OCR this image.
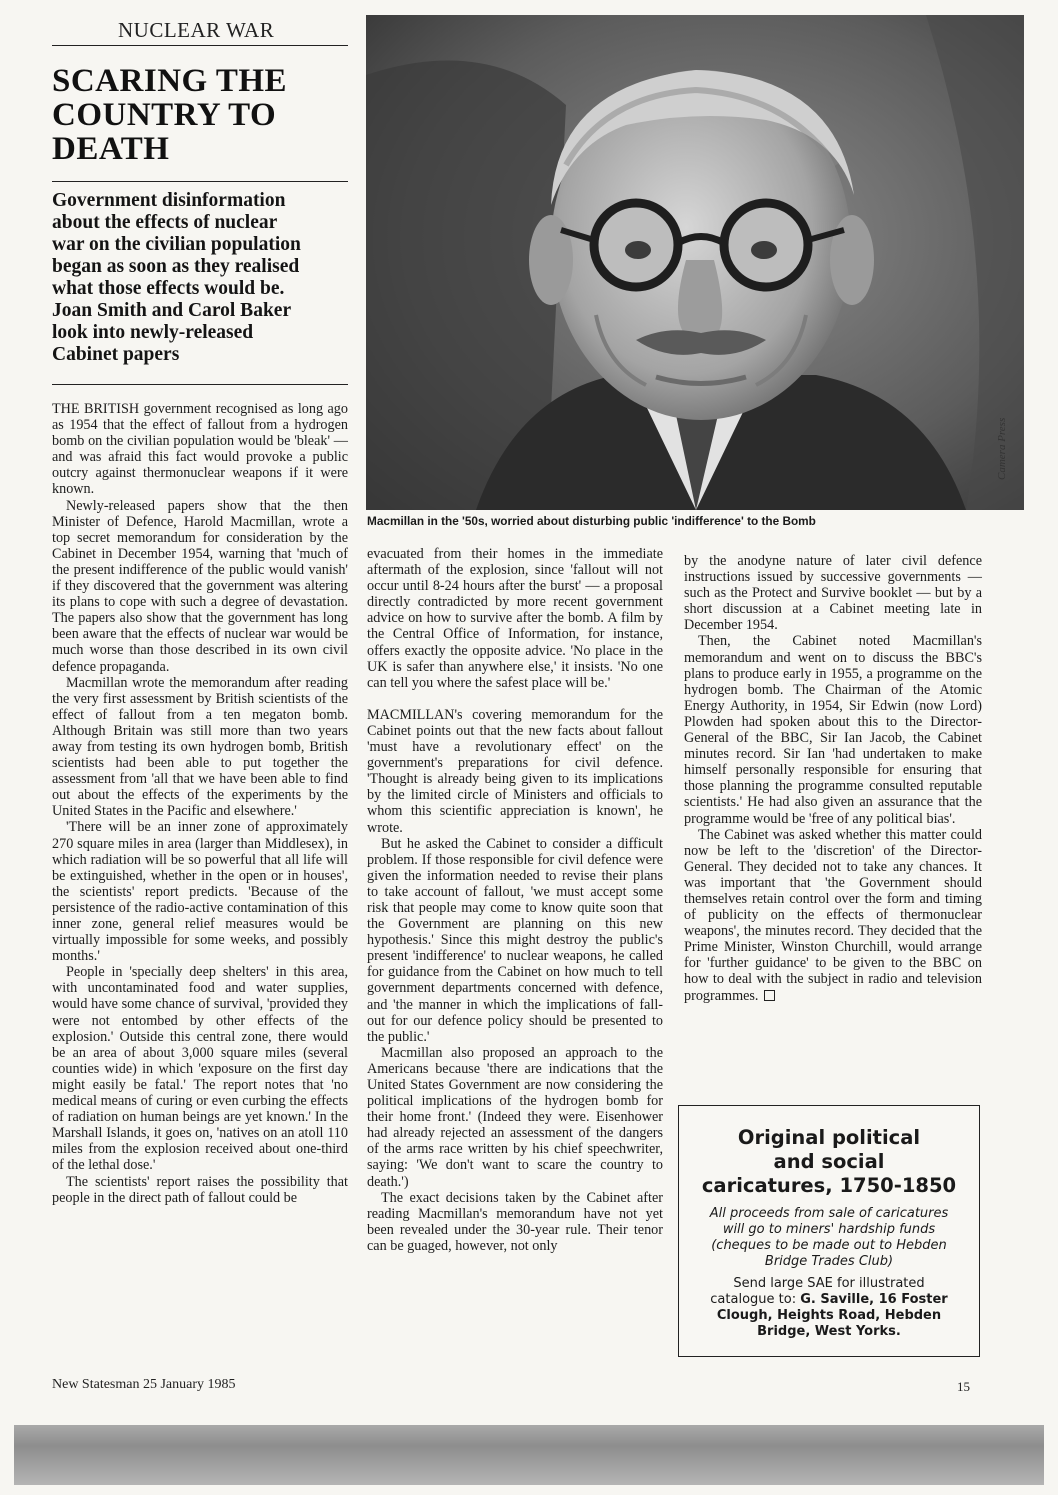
NUCLEAR WAR
SCARING THE
COUNTRY TO
DEATH
Government disinformation
about the effects of nuclear
war on the civilian population
began as soon as they realised
what those effects would be.
Joan Smith and Carol Baker
look into newly-released
Cabinet papers
Camera Press
Macmillan in the '50s, worried about disturbing public 'indifference' to the Bomb

THE BRITISH government recognised as long ago as 1954 that the effect of fallout from a hydrogen bomb on the civilian population would be 'bleak' — and was afraid this fact would provoke a public outcry against thermonuclear weapons if it were known.

Newly-released papers show that the then Minister of Defence, Harold Macmillan, wrote a top secret memorandum for consideration by the Cabinet in December 1954, warning that 'much of the present indifference of the public would vanish' if they discovered that the government was altering its plans to cope with such a degree of devastation. The papers also show that the government has long been aware that the effects of nuclear war would be much worse than those described in its own civil defence propaganda.

Macmillan wrote the memorandum after reading the very first assessment by British scientists of the effect of fallout from a ten megaton bomb. Although Britain was still more than two years away from testing its own hydrogen bomb, British scientists had been able to put together the assessment from 'all that we have been able to find out about the effects of the experiments by the United States in the Pacific and elsewhere.'

'There will be an inner zone of approximately 270 square miles in area (larger than Middlesex), in which radiation will be so powerful that all life will be extinguished, whether in the open or in houses', the scientists' report predicts. 'Because of the persistence of the radio-active contamination of this inner zone, general relief measures would be virtually impossible for some weeks, and possibly months.'

People in 'specially deep shelters' in this area, with uncontaminated food and water supplies, would have some chance of survival, 'provided they were not entombed by other effects of the explosion.' Outside this central zone, there would be an area of about 3,000 square miles (several counties wide) in which 'exposure on the first day might easily be fatal.' The report notes that 'no medical means of curing or even curbing the effects of radiation on human beings are yet known.' In the Marshall Islands, it goes on, 'natives on an atoll 110 miles from the explosion received about one-third of the lethal dose.'

The scientists' report raises the possibility that people in the direct path of fallout could be

evacuated from their homes in the immediate aftermath of the explosion, since 'fallout will not occur until 8-24 hours after the burst' — a proposal directly contradicted by more recent government advice on how to survive after the bomb. A film by the Central Office of Information, for instance, offers exactly the opposite advice. 'No place in the UK is safer than anywhere else,' it insists. 'No one can tell you where the safest place will be.'

MACMILLAN's covering memorandum for the Cabinet points out that the new facts about fallout 'must have a revolutionary effect' on the government's preparations for civil defence. 'Thought is already being given to its implications by the limited circle of Ministers and officials to whom this scientific appreciation is known', he wrote.

But he asked the Cabinet to consider a difficult problem. If those responsible for civil defence were given the information needed to revise their plans to take account of fallout, 'we must accept some risk that people may come to know quite soon that the Government are planning on this new hypothesis.' Since this might destroy the public's present 'indifference' to nuclear weapons, he called for guidance from the Cabinet on how much to tell government departments concerned with defence, and 'the manner in which the implications of fall-out for our defence policy should be presented to the public.'

Macmillan also proposed an approach to the Americans because 'there are indications that the United States Government are now considering the political implications of the hydrogen bomb for their home front.' (Indeed they were. Eisenhower had already rejected an assessment of the dangers of the arms race written by his chief speechwriter, saying: 'We don't want to scare the country to death.')

The exact decisions taken by the Cabinet after reading Macmillan's memorandum have not yet been revealed under the 30-year rule. Their tenor can be guaged, however, not only

by the anodyne nature of later civil defence instructions issued by successive governments — such as the Protect and Survive booklet — but by a short discussion at a Cabinet meeting late in December 1954.

Then, the Cabinet noted Macmillan's memorandum and went on to discuss the BBC's plans to produce early in 1955, a programme on the hydrogen bomb. The Chairman of the Atomic Energy Authority, in 1954, Sir Edwin (now Lord) Plowden had spoken about this to the Director-General of the BBC, Sir Ian Jacob, the Cabinet minutes record. Sir Ian 'had undertaken to make himself personally responsible for ensuring that those planning the programme consulted reputable scientists.' He had also given an assurance that the programme would be 'free of any political bias'.

The Cabinet was asked whether this matter could now be left to the 'discretion' of the Director-General. They decided not to take any chances. It was important that 'the Government should themselves retain control over the form and timing of publicity on the effects of thermonuclear weapons', the minutes record. They decided that the Prime Minister, Winston Churchill, would arrange for 'further guidance' to be given to the BBC on how to deal with the subject in radio and television programmes.

Original political
and social
caricatures, 1750-1850
All proceeds from sale of caricatures
will go to miners' hardship funds
(cheques to be made out to Hebden
Bridge Trades Club)
Send large SAE for illustrated
catalogue to: G. Saville, 16 Foster
Clough, Heights Road, Hebden
Bridge, West Yorks.
New Statesman 25 January 1985	15
